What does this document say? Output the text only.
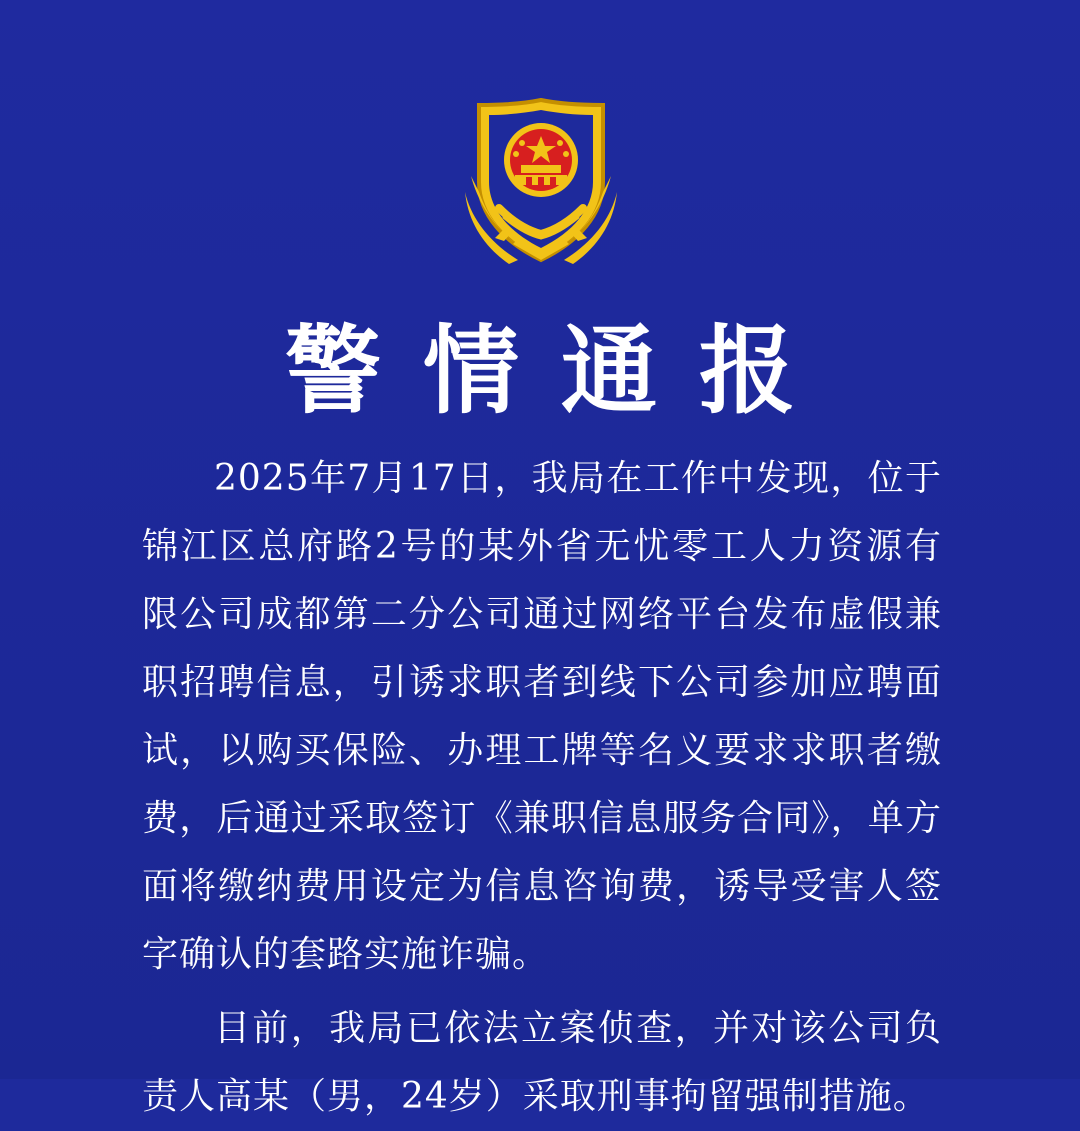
警情通报

2025年7月17日，我局在工作中发现，位于锦江区总府路2号的某外省无忧零工人力资源有限公司成都第二分公司通过网络平台发布虚假兼职招聘信息，引诱求职者到线下公司参加应聘面试，以购买保险、办理工牌等名义要求求职者缴费，后通过采取签订《兼职信息服务合同》，单方面将缴纳费用设定为信息咨询费，诱导受害人签字确认的套路实施诈骗。

目前，我局已依法立案侦查，并对该公司负责人高某（男，24岁）采取刑事拘留强制措施。
